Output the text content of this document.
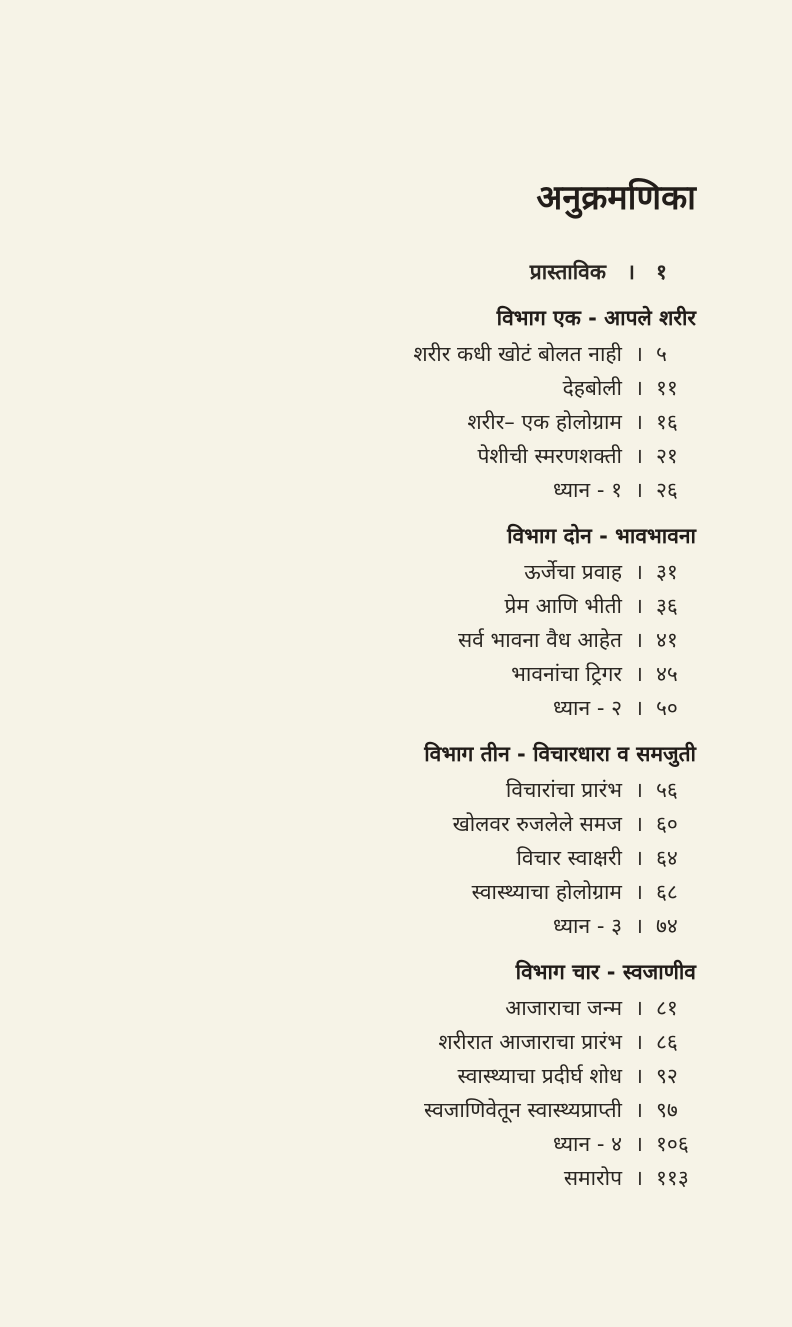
अनुक्रमणिका
प्रास्ताविक	।	१
विभाग एक - आपले शरीर
शरीर कधी खोटं बोलत नाही । ५
देहबोली । ११
शरीर– एक होलोग्राम । १६
पेशीची स्मरणशक्ती । २१
ध्यान - १ । २६
विभाग दोन - भावभावना
ऊर्जेचा प्रवाह । ३१
प्रेम आणि भीती । ३६
सर्व भावना वैध आहेत । ४१
भावनांचा ट्रिगर । ४५
ध्यान - २ । ५०
विभाग तीन - विचारधारा व समजुती
विचारांचा प्रारंभ । ५६
खोलवर रुजलेले समज । ६०
विचार स्वाक्षरी । ६४
स्वास्थ्याचा होलोग्राम । ६८
ध्यान - ३ । ७४
विभाग चार - स्वजाणीव
आजाराचा जन्म । ८१
शरीरात आजाराचा प्रारंभ । ८६
स्वास्थ्याचा प्रदीर्घ शोध । ९२
स्वजाणिवेतून स्वास्थ्यप्राप्ती । ९७
ध्यान - ४ । १०६
समारोप । ११३
